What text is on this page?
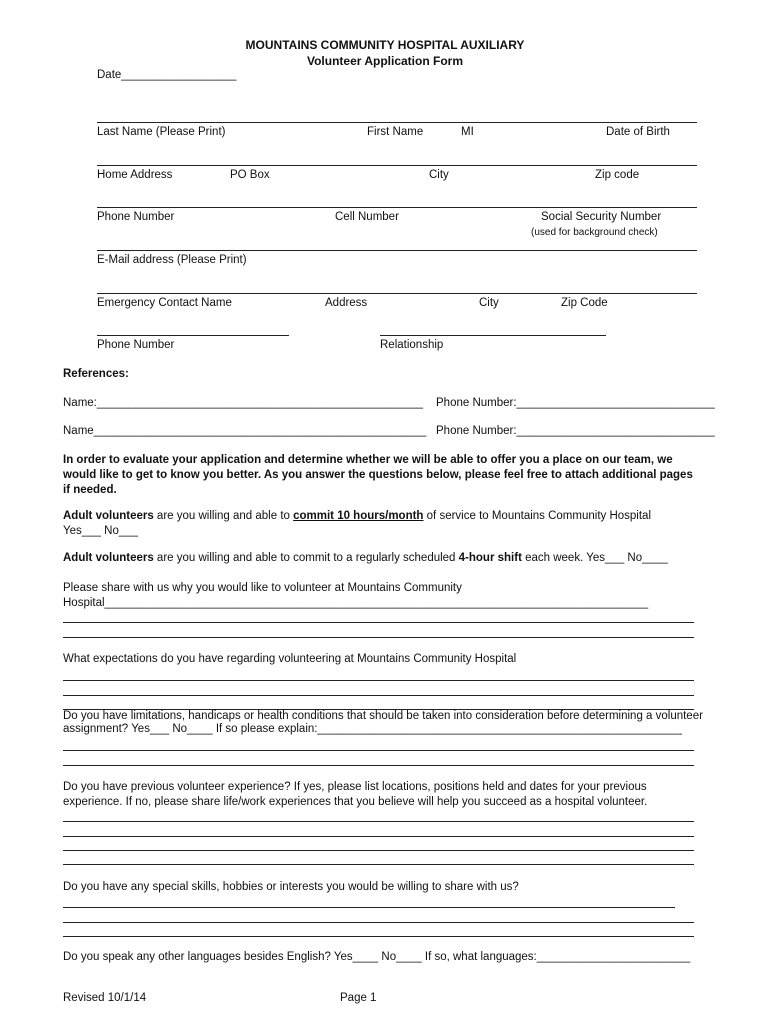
MOUNTAINS COMMUNITY HOSPITAL AUXILIARY
Volunteer Application Form
Date__________________
Last Name (Please Print)	First Name	MI	Date of Birth
Home Address	PO Box	City	Zip code
Phone Number	Cell Number	Social Security Number
(used for background check)
E-Mail address (Please Print)
Emergency Contact Name	Address	City	Zip Code
Phone Number	Relationship
References:
Name:___________________________________________________ Phone Number:_______________________________
Name____________________________________________________ Phone Number:_______________________________
In order to evaluate your application and determine whether we will be able to offer you a place on our team, we would like to get to know you better. As you answer the questions below, please feel free to attach additional pages if needed.
Adult volunteers are you willing and able to commit 10 hours/month of service to Mountains Community Hospital
Yes___ No___
Adult volunteers are you willing and able to commit to a regularly scheduled 4-hour shift each week. Yes___ No____
Please share with us why you would like to volunteer at Mountains Community
Hospital_____________________________________________________________________________________
What expectations do you have regarding volunteering at Mountains Community Hospital
Do you have limitations, handicaps or health conditions that should be taken into consideration before determining a volunteer
assignment? Yes___ No____ If so please explain:_________________________________________________________
Do you have previous volunteer experience? If yes, please list locations, positions held and dates for your previous
experience. If no, please share life/work experiences that you believe will help you succeed as a hospital volunteer.
Do you have any special skills, hobbies or interests you would be willing to share with us?
Do you speak any other languages besides English? Yes____ No____ If so, what languages:________________________
Revised 10/1/14	Page 1
